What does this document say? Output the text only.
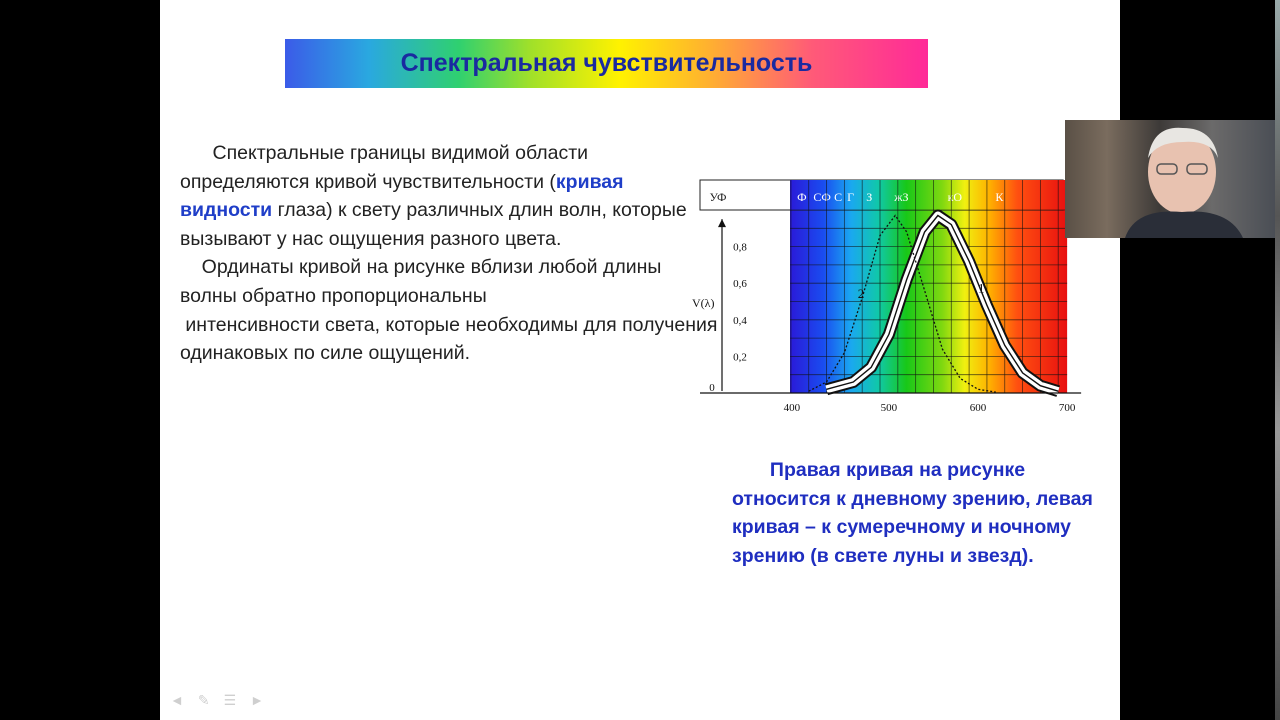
Спектральная чувствительность

Спектральные границы видимой области определяются кривой чувствительности (кривая видности глаза) к свету различных длин волн, которые вызывают у нас ощущения разного цвета.

Ординаты кривой на рисунке вблизи любой длины волны обратно пропорциональны

интенсивности света, которые необходимы для получения одинаковых по силе ощущений.

УФ	Ф СФ С Г З жЗ	кО	К
1
2
V(λ)
0
0,2
0,4
0,6
0,8
400	500	600	700

Правая кривая на рисунке относится к дневному зрению, левая кривая – к сумеречному и ночному зрению (в свете луны и звезд).

◄ ✎ ☰ ►
